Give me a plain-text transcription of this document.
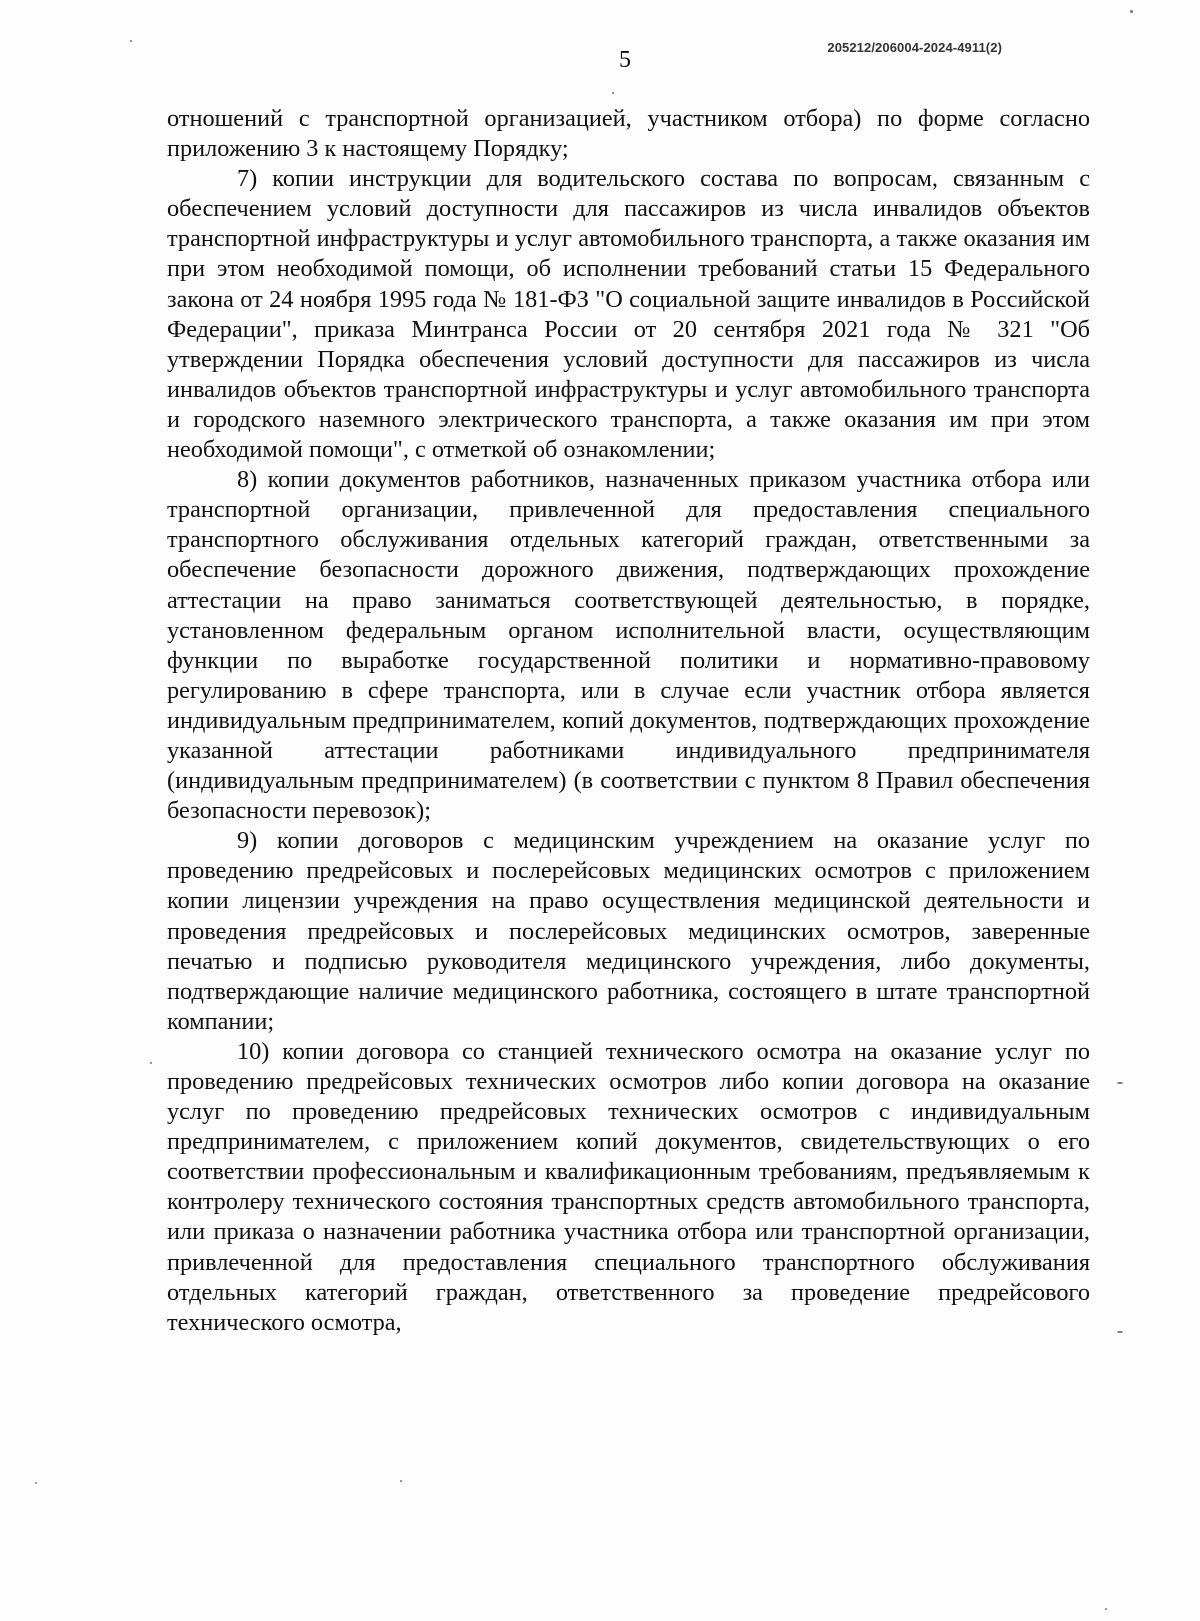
205212/206004-2024-4911(2)
5

отношений с транспортной организацией, участником отбора) по форме согласно приложению 3 к настоящему Порядку;

7) копии инструкции для водительского состава по вопросам, связанным с обеспечением условий доступности для пассажиров из числа инвалидов объектов транспортной инфраструктуры и услуг автомобильного транспорта, а также оказания им при этом необходимой помощи, об исполнении требований статьи 15 Федерального закона от 24 ноября 1995 года № 181-ФЗ "О социальной защите инвалидов в Российской Федерации", приказа Минтранса России от 20 сентября 2021 года № 321 "Об утверждении Порядка обеспечения условий доступности для пассажиров из числа инвалидов объектов транспортной инфраструктуры и услуг автомобильного транспорта и городского наземного электрического транспорта, а также оказания им при этом необходимой помощи", с отметкой об ознакомлении;

8) копии документов работников, назначенных приказом участника отбора или транспортной организации, привлеченной для предоставления специального транспортного обслуживания отдельных категорий граждан, ответственными за обеспечение безопасности дорожного движения, подтверждающих прохождение аттестации на право заниматься соответствующей деятельностью, в порядке, установленном федеральным органом исполнительной власти, осуществляющим функции по выработке государственной политики и нормативно-правовому регулированию в сфере транспорта, или в случае если участник отбора является индивидуальным предпринимателем, копий документов, подтверждающих прохождение указанной аттестации работниками индивидуального предпринимателя (индивидуальным предпринимателем) (в соответствии с пунктом 8 Правил обеспечения безопасности перевозок);

9) копии договоров с медицинским учреждением на оказание услуг по проведению предрейсовых и послерейсовых медицинских осмотров с приложением копии лицензии учреждения на право осуществления медицинской деятельности и проведения предрейсовых и послерейсовых медицинских осмотров, заверенные печатью и подписью руководителя медицинского учреждения, либо документы, подтверждающие наличие медицинского работника, состоящего в штате транспортной компании;

10) копии договора со станцией технического осмотра на оказание услуг по проведению предрейсовых технических осмотров либо копии договора на оказание услуг по проведению предрейсовых технических осмотров с индивидуальным предпринимателем, с приложением копий документов, свидетельствующих о его соответствии профессиональным и квалификационным требованиям, предъявляемым к контролеру технического состояния транспортных средств автомобильного транспорта, или приказа о назначении работника участника отбора или транспортной организации, привлеченной для предоставления специального транспортного обслуживания отдельных категорий граждан, ответственного за проведение предрейсового технического осмотра,
